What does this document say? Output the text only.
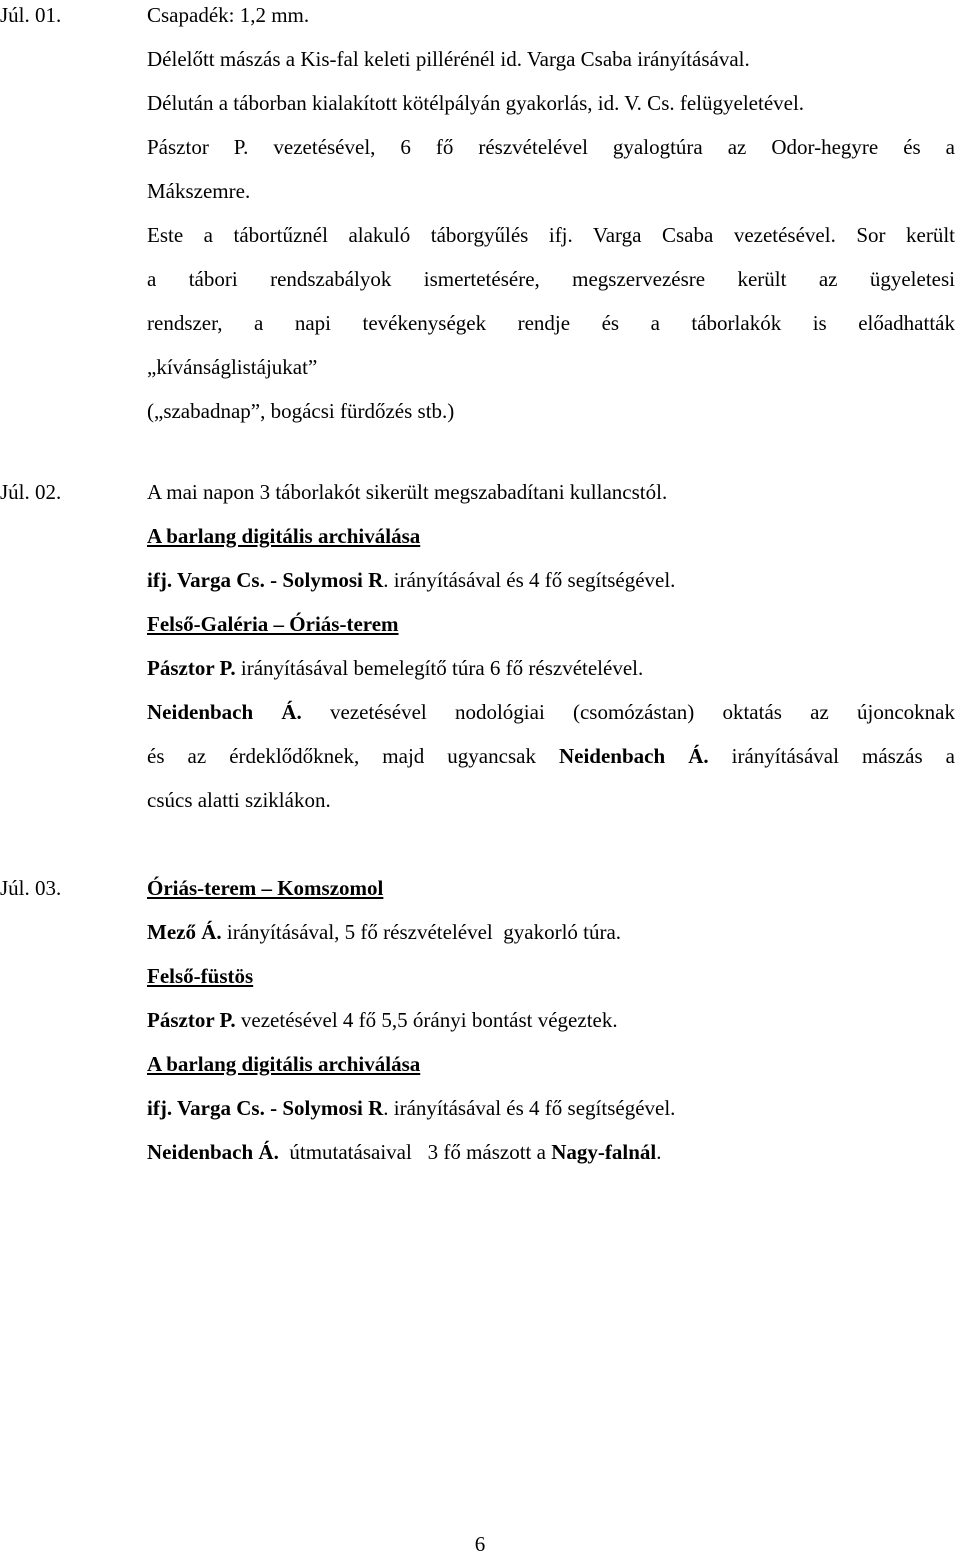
Júl. 01.	Csapadék: 1,2 mm.
Délelőtt mászás a Kis-fal keleti pillérénél id. Varga Csaba irányításával.
Délután a táborban kialakított kötélpályán gyakorlás, id. V. Cs. felügyeletével.
Pásztor P. vezetésével, 6 fő részvételével gyalogtúra az Odor-hegyre és a
Mákszemre.
Este a tábortűznél alakuló táborgyűlés ifj. Varga Csaba vezetésével. Sor került
a tábori rendszabályok ismertetésére, megszervezésre került az ügyeletesi
rendszer, a napi tevékenységek rendje és a táborlakók is előadhatták
„kívánságlistájukat”
(„szabadnap”, bogácsi fürdőzés stb.)
Júl. 02.	A mai napon 3 táborlakót sikerült megszabadítani kullancstól.
A barlang digitális archiválása
ifj. Varga Cs. - Solymosi R. irányításával és 4 fő segítségével.
Felső-Galéria – Óriás-terem
Pásztor P. irányításával bemelegítő túra 6 fő részvételével.
Neidenbach Á. vezetésével nodológiai (csomózástan) oktatás az újoncoknak
és az érdeklődőknek, majd ugyancsak Neidenbach Á. irányításával mászás a
csúcs alatti sziklákon.
Júl. 03.	Óriás-terem – Komszomol
Mező Á. irányításával, 5 fő részvételével  gyakorló túra.
Felső-füstös
Pásztor P. vezetésével 4 fő 5,5 órányi bontást végeztek.
A barlang digitális archiválása
ifj. Varga Cs. - Solymosi R. irányításával és 4 fő segítségével.
Neidenbach Á.  útmutatásaival   3 fő mászott a Nagy-falnál.
6
